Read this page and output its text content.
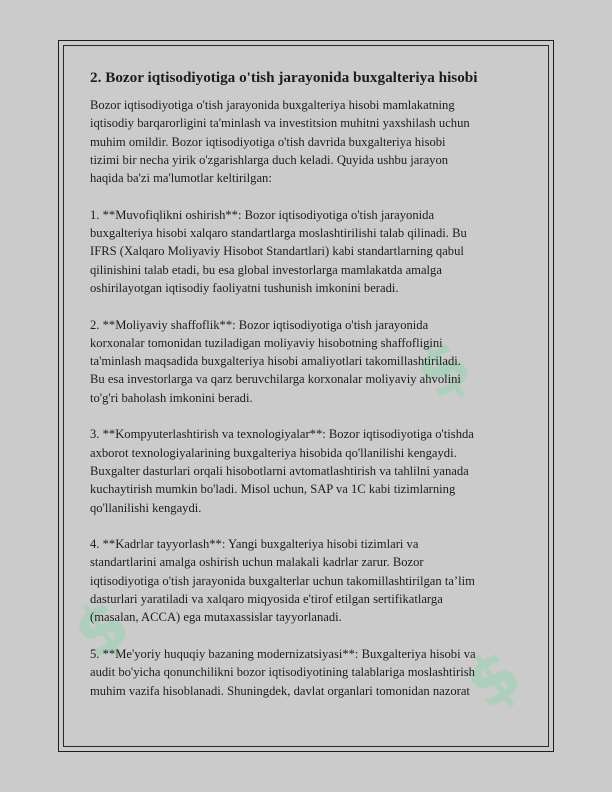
$
$
$
2. Bozor iqtisodiyotiga o'tish jarayonida buxgalteriya hisobi
Bozor iqtisodiyotiga o'tish jarayonida buxgalteriya hisobi mamlakatning
iqtisodiy barqarorligini ta'minlash va investitsion muhitni yaxshilash uchun
muhim omildir. Bozor iqtisodiyotiga o'tish davrida buxgalteriya hisobi
tizimi bir necha yirik o'zgarishlarga duch keladi. Quyida ushbu jarayon
haqida ba'zi ma'lumotlar keltirilgan:
1. **Muvofiqlikni oshirish**: Bozor iqtisodiyotiga o'tish jarayonida
buxgalteriya hisobi xalqaro standartlarga moslashtirilishi talab qilinadi. Bu
IFRS (Xalqaro Moliyaviy Hisobot Standartlari) kabi standartlarning qabul
qilinishini talab etadi, bu esa global investorlarga mamlakatda amalga
oshirilayotgan iqtisodiy faoliyatni tushunish imkonini beradi.
2. **Moliyaviy shaffoflik**: Bozor iqtisodiyotiga o'tish jarayonida
korxonalar tomonidan tuziladigan moliyaviy hisobotning shaffofligini
ta'minlash maqsadida buxgalteriya hisobi amaliyotlari takomillashtiriladi.
Bu esa investorlarga va qarz beruvchilarga korxonalar moliyaviy ahvolini
to'g'ri baholash imkonini beradi.
3. **Kompyuterlashtirish va texnologiyalar**: Bozor iqtisodiyotiga o'tishda
axborot texnologiyalarining buxgalteriya hisobida qo'llanilishi kengaydi.
Buxgalter dasturlari orqali hisobotlarni avtomatlashtirish va tahlilni yanada
kuchaytirish mumkin bo'ladi. Misol uchun, SAP va 1C kabi tizimlarning
qo'llanilishi kengaydi.
4. **Kadrlar tayyorlash**: Yangi buxgalteriya hisobi tizimlari va
standartlarini amalga oshirish uchun malakali kadrlar zarur. Bozor
iqtisodiyotiga o'tish jarayonida buxgalterlar uchun takomillashtirilgan ta’lim
dasturlari yaratiladi va xalqaro miqyosida e'tirof etilgan sertifikatlarga
(masalan, ACCA) ega mutaxassislar tayyorlanadi.
5. **Me'yoriy huquqiy bazaning modernizatsiyasi**: Buxgalteriya hisobi va
audit bo'yicha qonunchilikni bozor iqtisodiyotining talablariga moslashtirish
muhim vazifa hisoblanadi. Shuningdek, davlat organlari tomonidan nazorat
